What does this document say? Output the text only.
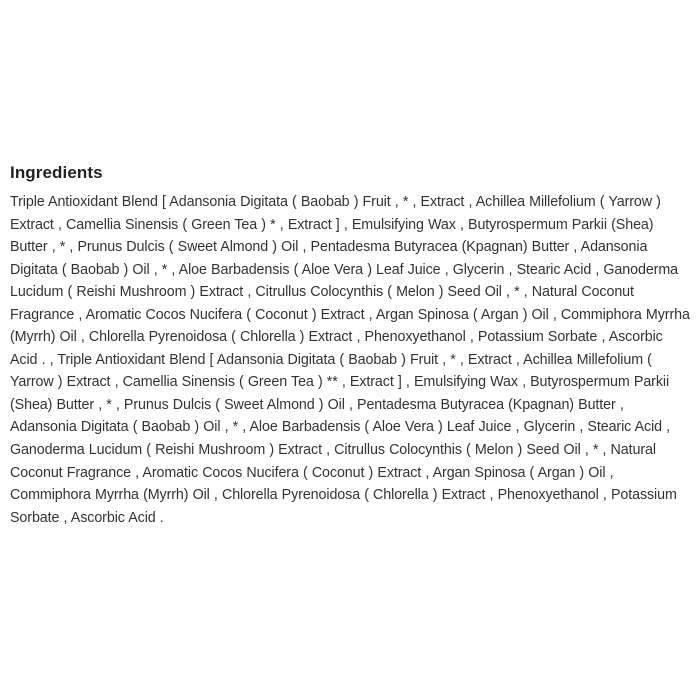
Ingredients

Triple Antioxidant Blend [ Adansonia Digitata ( Baobab ) Fruit , * , Extract , Achillea Millefolium ( Yarrow ) Extract , Camellia Sinensis ( Green Tea ) * , Extract ] , Emulsifying Wax , Butyrospermum Parkii (Shea) Butter , * , Prunus Dulcis ( Sweet Almond ) Oil , Pentadesma Butyracea (Kpagnan) Butter , Adansonia Digitata ( Baobab ) Oil , * , Aloe Barbadensis ( Aloe Vera ) Leaf Juice , Glycerin , Stearic Acid , Ganoderma Lucidum ( Reishi Mushroom ) Extract , Citrullus Colocynthis ( Melon ) Seed Oil , * , Natural Coconut Fragrance , Aromatic Cocos Nucifera ( Coconut ) Extract , Argan Spinosa ( Argan ) Oil , Commiphora Myrrha (Myrrh) Oil , Chlorella Pyrenoidosa ( Chlorella ) Extract , Phenoxyethanol , Potassium Sorbate , Ascorbic Acid . , Triple Antioxidant Blend [ Adansonia Digitata ( Baobab ) Fruit , * , Extract , Achillea Millefolium ( Yarrow ) Extract , Camellia Sinensis ( Green Tea ) ** , Extract ] , Emulsifying Wax , Butyrospermum Parkii (Shea) Butter , * , Prunus Dulcis ( Sweet Almond ) Oil , Pentadesma Butyracea (Kpagnan) Butter , Adansonia Digitata ( Baobab ) Oil , * , Aloe Barbadensis ( Aloe Vera ) Leaf Juice , Glycerin , Stearic Acid , Ganoderma Lucidum ( Reishi Mushroom ) Extract , Citrullus Colocynthis ( Melon ) Seed Oil , * , Natural Coconut Fragrance , Aromatic Cocos Nucifera ( Coconut ) Extract , Argan Spinosa ( Argan ) Oil , Commiphora Myrrha (Myrrh) Oil , Chlorella Pyrenoidosa ( Chlorella ) Extract , Phenoxyethanol , Potassium Sorbate , Ascorbic Acid .
